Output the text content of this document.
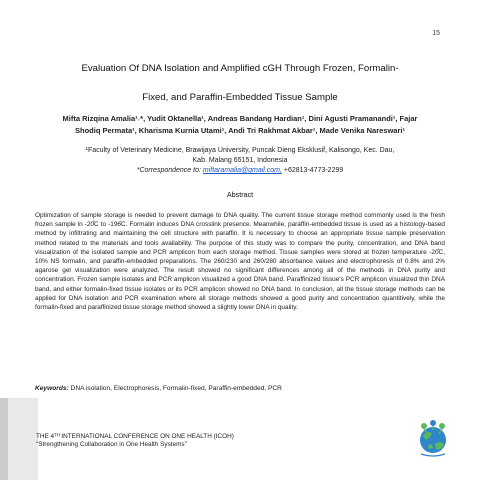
15
Evaluation Of DNA Isolation and Amplified cGH Through Frozen, Formalin-
Fixed, and Paraffin-Embedded Tissue Sample
Mifta Rizqina Amalia¹˒*, Yudit Oktanella¹, Andreas Bandang Hardian¹, Dini Agusti Pramanandi¹, Fajar
Shodiq Permata¹, Kharisma Kurnia Utami¹, Andi Tri Rakhmat Akbar¹, Made Venika Nareswari¹
¹Faculty of Veterinary Medicine, Brawijaya University, Puncak Dieng Eksklusif, Kalisongo, Kec. Dau,
Kab. Malang 65151, Indonesia
*Correspondence to: miftaramalia@gmail.com, +62813-4773-2299
Abstract
Optimization of sample storage is needed to prevent damage to DNA quality. The current tissue storage method commonly used is the fresh frozen sample in -20̊C to -196̊C. Formalin induces DNA crosslink presence. Meanwhile, paraffin-embedded tissue is used as a histology-based method by infiltrating and maintaining the cell structure with paraffin. It is necessary to choose an appropriate tissue sample preservation method related to the materials and tools availability. The purpose of this study was to compare the purity, concentration, and DNA band visualization of the isolated sample and PCR amplicon from each storage method. Tissue samples were stored at frozen temperature -20̊C, 10% NS formalin, and paraffin-embedded preparations. The 260/230 and 260/280 absorbance values and electrophoresis of 0.8% and 2% agarose gel visualization were analyzed. The result showed no significant differences among all of the methods in DNA purity and concentration. Frozen sample isolates and PCR amplicon visualized a good DNA band. Paraffinized tissue's PCR amplicon visualized thin DNA band, and either formalin-fixed tissue isolates or its PCR amplicon showed no DNA band. In conclusion, all the tissue storage methods can be applied for DNA isolation and PCR examination where all storage methods showed a good purity and concentration quantitively, while the formalin-fixed and paraffinized tissue storage method showed a slightly lower DNA in quality.
Keywords: DNA isolation, Electrophoresis, Formalin-fixed, Paraffin-embedded, PCR
THE 4ᵀᴴ INTERNATIONAL CONFERENCE ON ONE HEALTH (ICOH)
"Strengthening Collaboration in One Health Systems"
